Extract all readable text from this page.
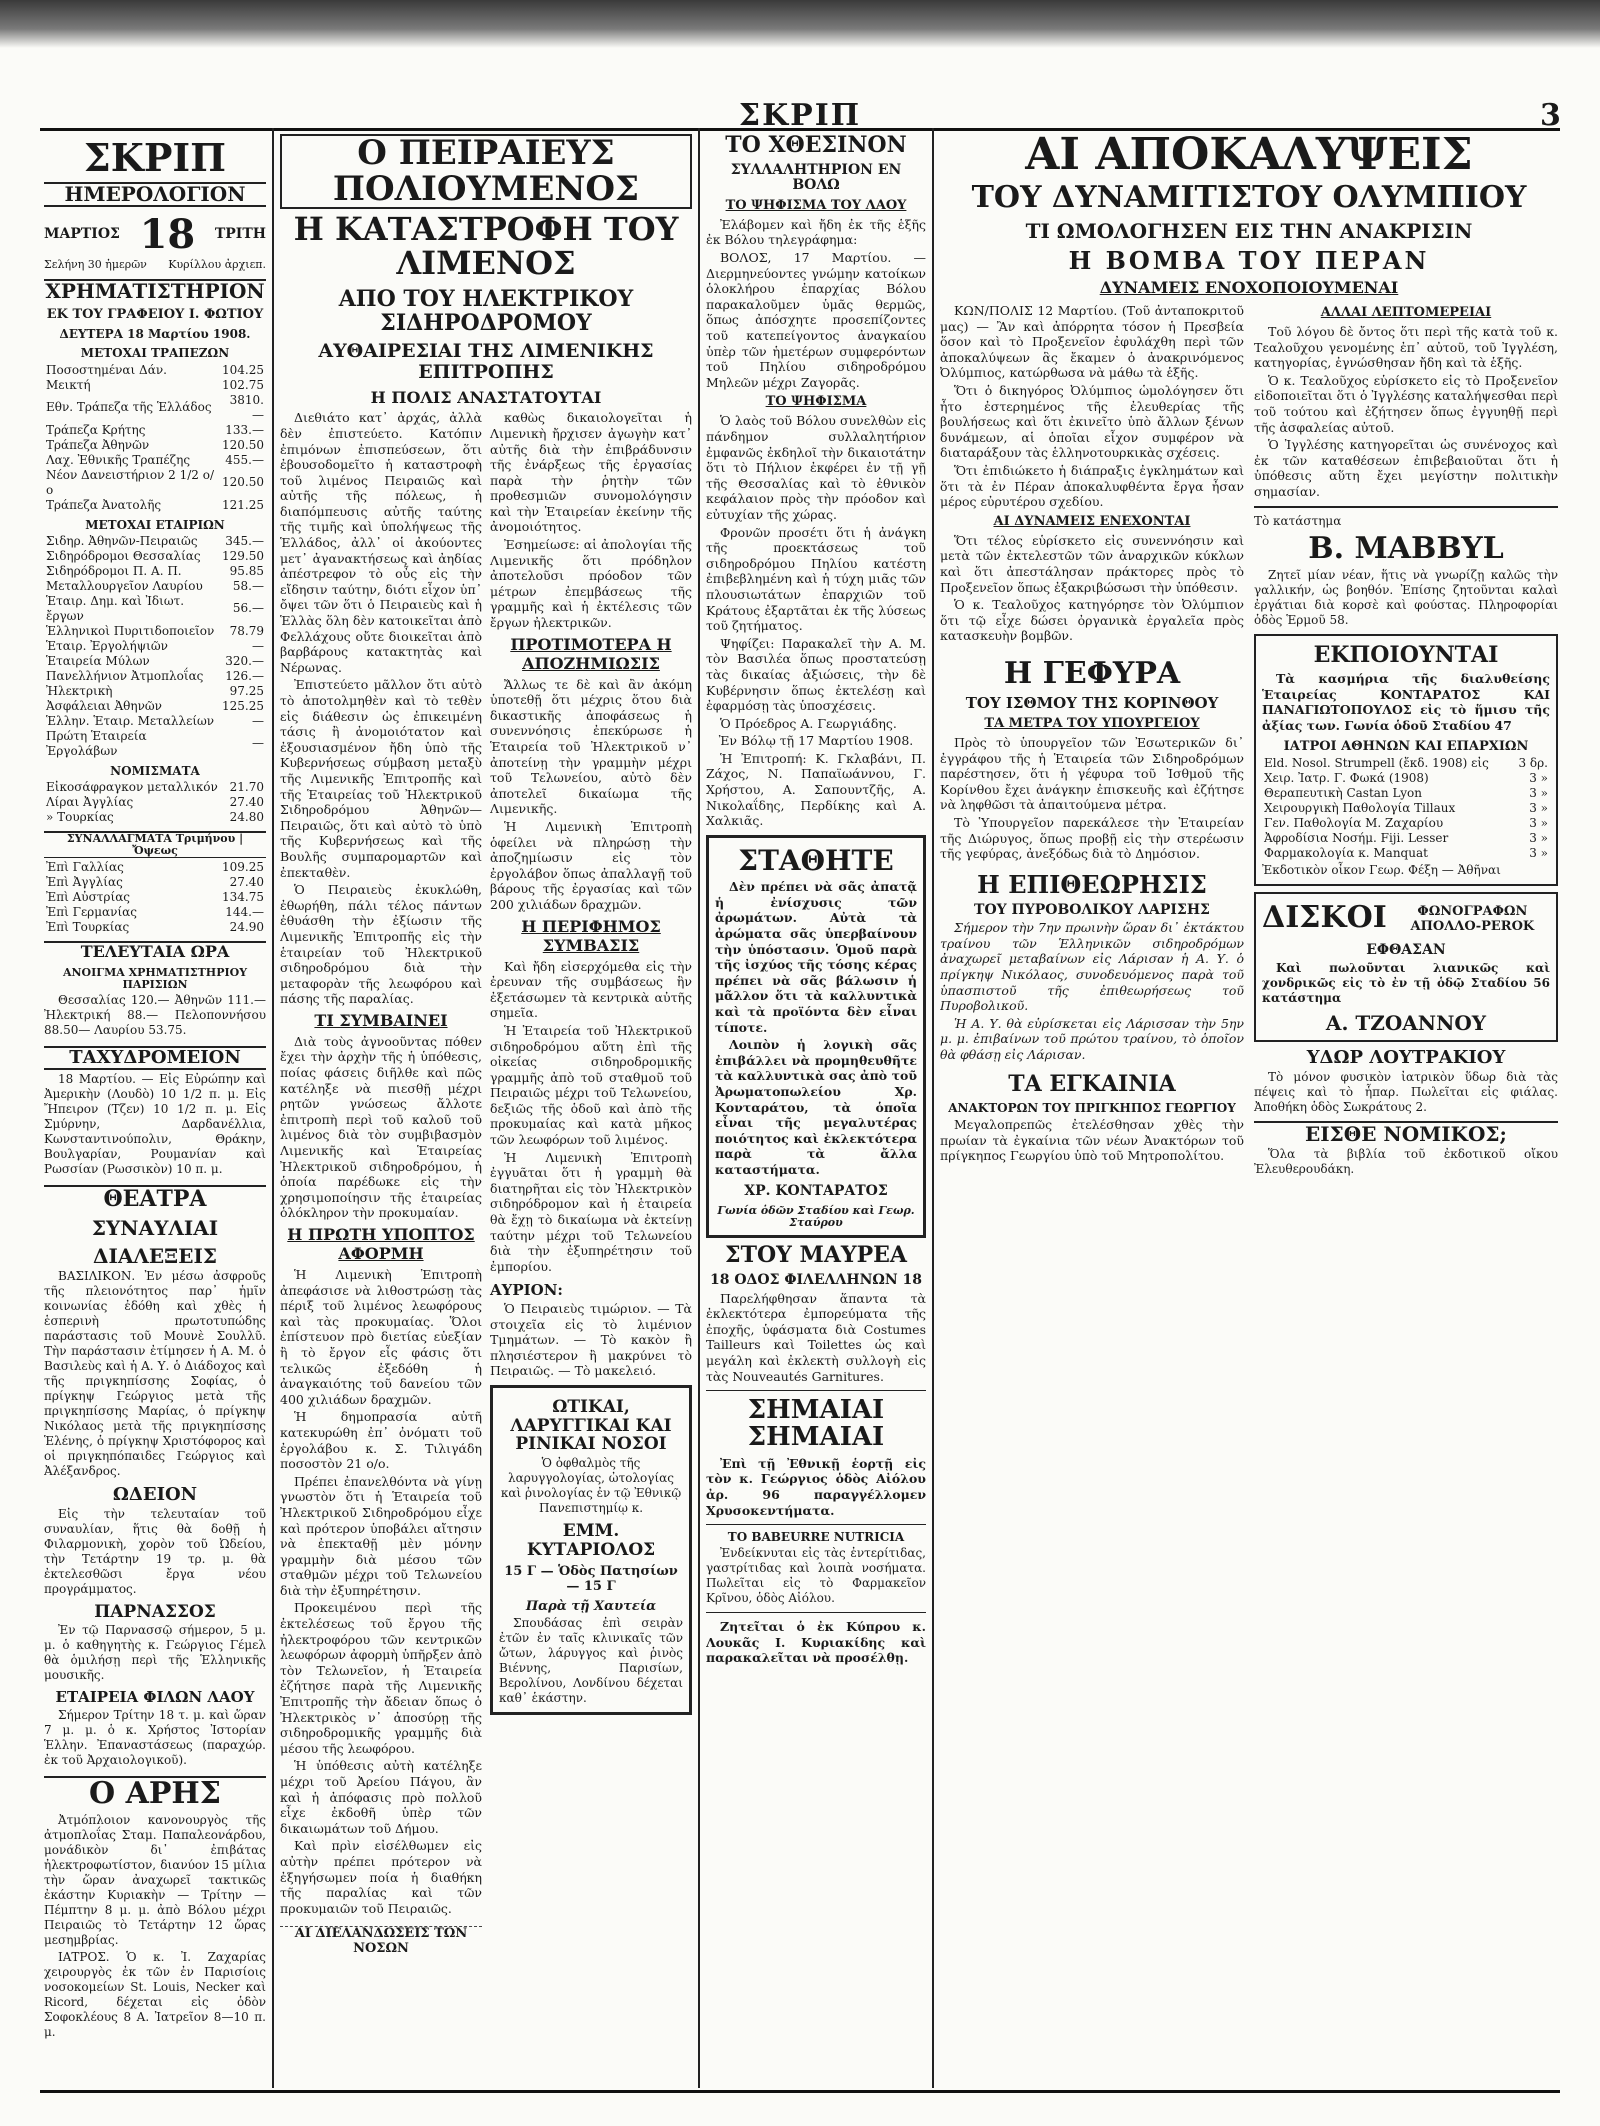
ΣΚΡΙΠ	3
ΣΚΡΙΠ
ΗΜΕΡΟΛΟΓΙΟΝ
ΜΑΡΤΙΟΣ 18 ΤΡΙΤΗ
Σελήνη 30 ἡμερῶν Κυρίλλου ἀρχιεπ.
ΧΡΗΜΑΤΙΣΤΗΡΙΟΝ
ΕΚ ΤΟΥ ΓΡΑΦΕΙΟΥ Ι. ΦΩΤΙΟΥ
ΔΕΥΤΕΡΑ 18 Μαρτίου 1908.
ΜΕΤΟΧΑΙ ΤΡΑΠΕΖΩΝ
Ποσοστημέναι Δάν.	104.25
Μεικτή	102.75
Εθν. Τράπεζα τῆς Ἑλλάδος	3810.—
Τράπεζα Κρήτης	133.—
Τράπεζα Ἀθηνῶν	120.50
Λαχ. Ἐθνικῆς Τραπέζης	455.—
Νέον Δανειστήριον 2 1/2 ο/ο	120.50
Τράπεζα Ἀνατολῆς	121.25
ΜΕΤΟΧΑΙ ΕΤΑΙΡΙΩΝ
Σιδηρ. Ἀθηνῶν-Πειραιῶς	345.—
Σιδηρόδρομοι Θεσσαλίας	129.50
Σιδηρόδρομοι Π. Α. Π.	95.85
Μεταλλουργεῖον Λαυρίου	58.—
Ἑταιρ. Δημ. καὶ Ἰδιωτ. ἔργων	56.—
Ἑλληνικοὶ Πυριτιδοποιεῖον	78.79
Ἑταιρ. Ἐργολήψιῶν	—
Ἑταιρεία Μύλων	320.—
Πανελλήνιον Ἀτμοπλοΐας	126.—
Ἠλεκτρικὴ	97.25
Ἀσφάλειαι Ἀθηνῶν	125.25
Ἑλλην. Ἑταιρ. Μεταλλείων	—
Πρώτη Ἑταιρεία Ἐργολάβων	—
ΝΟΜΙΣΜΑΤΑ
Εἰκοσάφραγκον μεταλλικόν	21.70
Λίραι Ἀγγλίας	27.40
» Τουρκίας	24.80
ΣΥΝΑΛΛΑΓΜΑΤΑ Τριμήνου | Ὄψεως
Ἐπὶ Γαλλίας	109.25
Ἐπὶ Ἀγγλίας	27.40
Ἐπὶ Αὐστρίας	134.75
Ἐπὶ Γερμανίας	144.—
Ἐπὶ Τουρκίας	24.90
ΤΕΛΕΥΤΑΙΑ ΩΡΑ
ΑΝΟΙΓΜΑ ΧΡΗΜΑΤΙΣΤΗΡΙΟΥ ΠΑΡΙΣΙΩΝ

Θεσσαλίας 120.— Ἀθηνῶν 111.— Ἠλεκτρική 88.— Πελοποννήσου 88.50— Λαυρίου 53.75.

ΤΑΧΥΔΡΟΜΕΙΟΝ

18 Μαρτίου. — Εἰς Εὐρώπην καὶ Ἀμερικὴν (Λουδὸ) 10 1/2 π. μ. Εἰς Ἤπειρον (Τζεν) 10 1/2 π. μ. Εἰς Σμύρνην, Δαρδανέλλια, Κωνσταντινούπολιν, Θράκην, Βουλγαρίαν, Ρουμανίαν καὶ Ρωσσίαν (Ρωσσικὸν) 10 π. μ.

ΘΕΑΤΡΑ
ΣΥΝΑΥΛΙΑΙ
ΔΙΑΛΕΞΕΙΣ

ΒΑΣΙΛΙΚΟΝ. Ἐν μέσω ἀσφροῦς τῆς πλειονότητος παρ᾽ ἡμῖν κοινωνίας ἐδόθη καὶ χθὲς ἡ ἑσπερινὴ πρωτοτυπώδης παράστασις τοῦ Μουνὲ Σουλλῦ. Τὴν παράστασιν ἐτίμησεν ἡ Α. Μ. ὁ Βασιλεὺς καὶ ἡ Α. Υ. ὁ Διάδοχος καὶ τῆς πριγκηπίσσης Σοφίας, ὁ πρίγκηψ Γεώργιος μετὰ τῆς πριγκηπίσσης Μαρίας, ὁ πρίγκηψ Νικόλαος μετὰ τῆς πριγκηπίσσης Ἑλένης, ὁ πρίγκηψ Χριστόφορος καὶ οἱ πριγκηπόπαιδες Γεώργιος καὶ Ἀλέξανδρος.

ΩΔΕΙΟΝ

Εἰς τὴν τελευταίαν τοῦ συναυλίαν, ἥτις θὰ δοθῇ ἡ Φιλαρμονικὴ, χορὸν τοῦ Ὠδείου, τὴν Τετάρτην 19 τρ. μ. θὰ ἐκτελεσθῶσι ἔργα νέου προγράμματος.

ΠΑΡΝΑΣΣΟΣ

Ἐν τῷ Παρνασσῷ σήμερον, 5 μ. μ. ὁ καθηγητὴς κ. Γεώργιος Γέμελ θὰ ὁμιλήσῃ περὶ τῆς Ἑλληνικῆς μουσικῆς.

ΕΤΑΙΡΕΙΑ ΦΙΛΩΝ ΛΑΟΥ

Σήμερον Τρίτην 18 τ. μ. καὶ ὥραν 7 μ. μ. ὁ κ. Χρήστος Ἰστορίαν Ἑλλην. Ἐπαναστάσεως (παραχώρ. ἐκ τοῦ Ἀρχαιολογικοῦ).

Ο ΑΡΗΣ

Ἀτμόπλοιον κανονουργὸς τῆς ἀτμοπλοΐας Σταμ. Παπαλεονάρδου, μονάδικὸν δι᾽ ἐπιβάτας ἠλεκτροφωτίστον, διανύον 15 μίλια τὴν ὥραν ἀναχωρεῖ τακτικῶς ἐκάστην Κυριακὴν — Τρίτην — Πέμπτην 8 μ. μ. ἀπὸ Βόλου μέχρι Πειραιῶς τὸ Τετάρτην 12 ὥρας μεσημβρίας.

ΙΑΤΡΟΣ. Ὁ κ. Ἰ. Ζαχαρίας χειρουργὸς ἐκ τῶν ἐν Παρισίοις νοσοκομείων St. Louis, Necker καὶ Ricord, δέχεται εἰς ὁδὸν Σοφοκλέους 8 Α. Ἰατρεῖον 8—10 π. μ.

Ο ΠΕΙΡΑΙΕΥΣ ΠΟΛΙΟΥΜΕΝΟΣ
Η ΚΑΤΑΣΤΡΟΦΗ ΤΟΥ ΛΙΜΕΝΟΣ
ΑΠΟ ΤΟΥ ΗΛΕΚΤΡΙΚΟΥ ΣΙΔΗΡΟΔΡΟΜΟΥ
ΑΥΘΑΙΡΕΣΙΑΙ ΤΗΣ ΛΙΜΕΝΙΚΗΣ ΕΠΙΤΡΟΠΗΣ
Η ΠΟΛΙΣ ΑΝΑΣΤΑΤΟΥΤΑΙ

Διεθιάτο κατ᾽ ἀρχάς, ἀλλὰ δὲν ἐπιστεύετο. Κατόπιν ἐπιμόνων ἐπισπεύσεων, ὅτι ἐβουσοδομεῖτο ἡ καταστροφὴ τοῦ λιμένος Πειραιῶς καὶ αὐτῆς τῆς πόλεως, ἡ διαπόμπευσις αὐτῆς ταύτης τῆς τιμῆς καὶ ὑπολήψεως τῆς Ἑλλάδος, ἀλλ᾽ οἱ ἀκούοντες μετ᾽ ἀγανακτήσεως καὶ ἀηδίας ἀπέστρεφον τὸ οὖς εἰς τὴν εἴδησιν ταύτην, διότι εἶχον ὑπ᾽ ὄψει τῶν ὅτι ὁ Πειραιεὺς καὶ ἡ Ἑλλὰς ὅλη δὲν κατοικεῖται ἀπὸ Φελλάχους οὔτε διοικεῖται ἀπὸ βαρβάρους κατακτητὰς καὶ Νέρωνας.

Ἐπιστεύετο μᾶλλον ὅτι αὐτὸ τὸ ἀποτολμηθὲν καὶ τὸ τεθὲν εἰς διάθεσιν ὡς ἐπικειμένη τάσις ἢ ἀνομοιότατον καὶ ἐξουσιασμένον ἤδη ὑπὸ τῆς Κυβερνήσεως σύμβαση μεταξὺ τῆς Λιμενικῆς Ἐπιτροπῆς καὶ τῆς Ἑταιρείας τοῦ Ἠλεκτρικοῦ Σιδηροδρόμου Ἀθηνῶν—Πειραιῶς, ὅτι καὶ αὐτὸ τὸ ὑπὸ τῆς Κυβερνήσεως καὶ τῆς Βουλῆς συμπαρομαρτῶν καὶ ἐπεκταθὲν.

Ὁ Πειραιεὺς ἐκυκλώθη, ἐθωρήθη, πάλι τέλος πάντων ἐθυάσθη τὴν ἐξίωσιν τῆς Λιμενικῆς Ἐπιτροπῆς εἰς τὴν ἑταιρείαν τοῦ Ἠλεκτρικοῦ σιδηροδρόμου διὰ τὴν μεταφορὰν τῆς λεωφόρου καὶ πάσης τῆς παραλίας.

ΤΙ ΣΥΜΒΑΙΝΕΙ

Διὰ τοὺς ἀγνοοῦντας πόθεν ἔχει τὴν ἀρχὴν τῆς ἡ ὑπόθεσις, ποίας φάσεις διῆλθε καὶ πῶς κατέληξε νὰ πιεσθῇ μέχρι ρητῶν γνώσεως ἄλλοτε ἐπιτροπὴ περὶ τοῦ καλοῦ τοῦ λιμένος διὰ τὸν συμβιβασμὸν Λιμενικῆς καὶ Ἑταιρείας Ἠλεκτρικοῦ σιδηροδρόμου, ἡ ὁποία παρέδωκε εἰς τὴν χρησιμοποίησιν τῆς ἑταιρείας ὁλόκληρον τὴν προκυμαίαν.

Η ΠΡΩΤΗ ΥΠΟΠΤΟΣ ΑΦΟΡΜΗ

Ἡ Λιμενικὴ Ἐπιτροπὴ ἀπεφάσισε νὰ λιθοστρώσῃ τὰς πέριξ τοῦ λιμένος λεωφόρους καὶ τὰς προκυμαίας. Ὅλοι ἐπίστευον πρὸ διετίας εὐεξίαν ἢ τὸ ἔργον εἶς φάσις ὅτι τελικῶς ἐξεδόθη ἡ ἀναγκαιότης τοῦ δανείου τῶν 400 χιλιάδων δραχμῶν.

Ἡ δημοπρασία αὐτῆ κατεκυρώθη ἐπ᾽ ὀνόματι τοῦ ἐργολάβου κ. Σ. Τιλιγάδη ποσοστὸν 21 ο/ο.

Πρέπει ἐπανελθόντα νὰ γίνῃ γνωστὸν ὅτι ἡ Ἑταιρεία τοῦ Ἠλεκτρικοῦ Σιδηροδρόμου εἶχε καὶ πρότερον ὑποβάλει αἴτησιν νὰ ἐπεκταθῇ μὲν μόνην γραμμὴν διὰ μέσου τῶν σταθμῶν μέχρι τοῦ Τελωνείου διὰ τὴν ἐξυπηρέτησιν.

Προκειμένου περὶ τῆς ἐκτελέσεως τοῦ ἔργου τῆς ἠλεκτροφόρου τῶν κεντρικῶν λεωφόρων ἀφορμὴ ὑπῆρξεν ἀπὸ τὸν Τελωνεῖον, ἡ Ἑταιρεία ἐζήτησε παρὰ τῆς Λιμενικῆς Ἐπιτροπῆς τὴν ἄδειαν ὅπως ὁ Ἠλεκτρικὸς ν᾽ ἀποσύρῃ τῆς σιδηροδρομικῆς γραμμῆς διὰ μέσου τῆς λεωφόρου.

Ἡ ὑπόθεσις αὐτὴ κατέληξε μέχρι τοῦ Ἀρείου Πάγου, ἂν καὶ ἡ ἀπόφασις πρὸ πολλοῦ εἶχε ἐκδοθῆ ὑπὲρ τῶν δικαιωμάτων τοῦ Δήμου.

Καὶ πρὶν εἰσέλθωμεν εἰς αὐτὴν πρέπει πρότερον νὰ ἐξηγήσωμεν ποία ἡ διαθήκη τῆς παραλίας καὶ τῶν προκυμαιῶν τοῦ Πειραιῶς.

ΑΙ ΔΙΕΛΑΝΔΩΣΕΙΣ ΤΩΝ ΝΟΣΩΝ

καθὼς δικαιολογεῖται ἡ Λιμενικὴ ἤρχισεν ἀγωγὴν κατ᾽ αὐτῆς διὰ τὴν ἐπιβράδυνσιν τῆς ἐνάρξεως τῆς ἐργασίας παρὰ τὴν ῥητὴν τῶν προθεσμιῶν συνομολόγησιν καὶ τὴν Ἑταιρείαν ἐκείνην τῆς ἀνομοιότητος.

Ἐσημείωσε: αἱ ἀπολογίαι τῆς Λιμενικῆς ὅτι πρόδηλον ἀποτελοῦσι πρόοδον τῶν μέτρων ἐπεμβάσεως τῆς γραμμῆς καὶ ἡ ἐκτέλεσις τῶν ἔργων ἠλεκτρικῶν.

ΠΡΟΤΙΜΟΤΕΡΑ Η ΑΠΟΖΗΜΙΩΣΙΣ

Ἄλλως τε δὲ καὶ ἂν ἀκόμη ὑποτεθῇ ὅτι μέχρις ὅτου διὰ δικαστικῆς ἀποφάσεως ἡ συνεννόησις ἐπεκύρωσε ἡ Ἑταιρεία τοῦ Ἠλεκτρικοῦ ν᾽ ἀποτείνῃ τὴν γραμμὴν μέχρι τοῦ Τελωνείου, αὐτὸ δὲν ἀποτελεῖ δικαίωμα τῆς Λιμενικῆς.

Ἡ Λιμενικὴ Ἐπιτροπὴ ὁφείλει νὰ πληρώσῃ τὴν ἀποζημίωσιν εἰς τὸν ἐργολάβον ὅπως ἀπαλλαγῇ τοῦ βάρους τῆς ἐργασίας καὶ τῶν 200 χιλιάδων δραχμῶν.

Η ΠΕΡΙΦΗΜΟΣ ΣΥΜΒΑΣΙΣ

Καὶ ἤδη εἰσερχόμεθα εἰς τὴν ἐρευναν τῆς συμβάσεως ἣν ἐξετάσωμεν τὰ κεντρικὰ αὐτῆς σημεῖα.

Ἡ Ἑταιρεία τοῦ Ἠλεκτρικοῦ σιδηροδρόμου αὕτη ἐπὶ τῆς οἰκείας σιδηροδρομικῆς γραμμῆς ἀπὸ τοῦ σταθμοῦ τοῦ Πειραιῶς μέχρι τοῦ Τελωνείου, δεξιῶς τῆς ὁδοῦ καὶ ἀπὸ τῆς προκυμαίας καὶ κατὰ μῆκος τῶν λεωφόρων τοῦ λιμένος.

Ἡ Λιμενικὴ Ἐπιτροπὴ ἐγγυᾶται ὅτι ἡ γραμμὴ θὰ διατηρῆται εἰς τὸν Ἠλεκτρικὸν σιδηρόδρομον καὶ ἡ ἑταιρεία θὰ ἔχῃ τὸ δικαίωμα νὰ ἐκτείνῃ ταύτην μέχρι τοῦ Τελωνείου διὰ τὴν ἐξυπηρέτησιν τοῦ ἐμπορίου.

ΑΥΡΙΟΝ:

Ὁ Πειραιεὺς τιμώριον. — Τὰ στοιχεῖα εἰς τὸ λιμένιον Τμημάτων. — Τὸ κακὸν ἢ πλησιέστερον ἢ μακρύνει τὸ Πειραιῶς. — Τὸ μακελειό.

ΩΤΙΚΑΙ, ΛΑΡΥΓΓΙΚΑΙ ΚΑΙ ΡΙΝΙΚΑΙ ΝΟΣΟΙ

Ὁ ὀφθαλμὸς τῆς λαρυγγολογίας, ὠτολογίας καὶ ῥινολογίας ἐν τῷ Ἐθνικῷ Πανεπιστημίῳ κ.

ΕΜΜ. ΚΥΤΑΡΙΟΛΟΣ
15 Γ — Ὁδὸς Πατησίων — 15 Γ
Παρὰ τῇ Χαυτεία

Σπουδάσας ἐπὶ σειρὰν ἐτῶν ἐν ταῖς κλινικαῖς τῶν ὤτων, λάρυγγος καὶ ῥινὸς Βιέννης, Παρισίων, Βερολίνου, Λονδίνου δέχεται καθ᾽ ἑκάστην.

ΤΟ ΧΘΕΣΙΝΟΝ
ΣΥΛΛΑΛΗΤΗΡΙΟΝ ΕΝ ΒΟΛΩ
ΤΟ ΨΗΦΙΣΜΑ ΤΟΥ ΛΑΟΥ

Ἐλάβομεν καὶ ἤδη ἐκ τῆς ἑξῆς ἐκ Βόλου τηλεγράφημα:

ΒΟΛΟΣ, 17 Μαρτίου. — Διερμηνεύοντες γνώμην κατοίκων ὁλοκλήρου ἐπαρχίας Βόλου παρακαλοῦμεν ὑμᾶς θερμῶς, ὅπως ἀπόσχητε προσεπίζοντες τοῦ κατεπείγοντος ἀναγκαίου ὑπὲρ τῶν ἡμετέρων συμφερόντων τοῦ Πηλίου σιδηροδρόμου Μηλεῶν μέχρι Ζαγορᾶς.

ΤΟ ΨΗΦΙΣΜΑ

Ὁ λαὸς τοῦ Βόλου συνελθὼν εἰς πάνδημον συλλαλητήριον ἐμφανῶς ἐκδηλοῖ τὴν δικαιοτάτην ὅτι τὸ Πήλιον ἐκφέρει ἐν τῇ γῇ τῆς Θεσσαλίας καὶ τὸ ἐθνικὸν κεφάλαιον πρὸς τὴν πρόοδον καὶ εὐτυχίαν τῆς χώρας.

Φρονῶν προσέτι ὅτι ἡ ἀνάγκη τῆς προεκτάσεως τοῦ σιδηροδρόμου Πηλίου κατέστη ἐπιβεβλημένη καὶ ἡ τύχη μιᾶς τῶν πλουσιωτάτων ἐπαρχιῶν τοῦ Κράτους ἐξαρτᾶται ἐκ τῆς λύσεως τοῦ ζητήματος.

Ψηφίζει: Παρακαλεῖ τὴν Α. Μ. τὸν Βασιλέα ὅπως προστατεύσῃ τὰς δικαίας ἀξιώσεις, τὴν δὲ Κυβέρνησιν ὅπως ἐκτελέσῃ καὶ ἐφαρμόσῃ τὰς ὑποσχέσεις.

Ὁ Πρόεδρος Α. Γεωργιάδης.

Ἐν Βόλῳ τῇ 17 Μαρτίου 1908.

Ἡ Ἐπιτροπή: Κ. Γκλαβάνι, Π. Ζάχος, Ν. Παπαϊωάννου, Γ. Χρήστου, Α. Σαπουντζῆς, Α. Νικολαΐδης, Περδίκης καὶ Α. Χαλκιᾶς.

ΣΤΑΘΗΤΕ

Δὲν πρέπει νὰ σᾶς ἀπατᾷ ἡ ἐνίσχυσις τῶν ἀρωμάτων. Αὐτὰ τὰ ἀρώματα σᾶς ὑπερβαίνουν τὴν ὑπόστασιν. Ὁμοῦ παρὰ τῆς ἰσχύος τῆς τόσης κέρας πρέπει νὰ σᾶς βάλωσιν ἡ μᾶλλον ὅτι τὰ καλλυντικὰ καὶ τὰ προϊόντα δὲν εἶναι τίποτε.

Λοιπὸν ἡ λογικὴ σᾶς ἐπιβάλλει νὰ προμηθευθῆτε τὰ καλλυντικὰ σας ἀπὸ τοῦ Ἀρωματοπωλείου Χρ. Κονταράτου, τὰ ὁποῖα εἶναι τῆς μεγαλυτέρας ποιότητος καὶ ἐκλεκτότερα παρὰ τὰ ἄλλα καταστήματα.

ΧΡ. ΚΟΝΤΑΡΑΤΟΣ
Γωνία ὁδῶν Σταδίου καὶ Γεωρ. Σταύρου
ΣΤΟΥ ΜΑΥΡΕΑ
18 ΟΔΟΣ ΦΙΛΕΛΛΗΝΩΝ 18

Παρελήφθησαν ἅπαντα τὰ ἐκλεκτότερα ἐμπορεύματα τῆς ἐποχῆς, ὑφάσματα διὰ Costumes Tailleurs καὶ Toilettes ὡς καὶ μεγάλη καὶ ἐκλεκτὴ συλλογὴ εἰς τὰς Nouveautés Garnitures.

ΣΗΜΑΙΑΙ ΣΗΜΑΙΑΙ

Ἐπὶ τῇ Ἐθνικῇ ἑορτῇ εἰς τὸν κ. Γεώργιος ὁδὸς Αἰόλου ἀρ. 96 παραγγέλλομεν Χρυσοκεντήματα.

ΤΟ BABEURRE NUTRICIA

Ἐνδείκνυται εἰς τὰς ἐντερίτιδας, γαστρίτιδας καὶ λοιπὰ νοσήματα. Πωλεῖται εἰς τὸ Φαρμακεῖον Κρῖνου, ὁδὸς Αἰόλου.

Ζητεῖται ὁ ἐκ Κύπρου κ. Λουκᾶς Ι. Κυριακίδης καὶ παρακαλεῖται νὰ προσέλθῃ.

ΑΙ ΑΠΟΚΑΛΥΨΕΙΣ
ΤΟΥ ΔΥΝΑΜΙΤΙΣΤΟΥ ΟΛΥΜΠΙΟΥ
ΤΙ ΩΜΟΛΟΓΗΣΕΝ ΕΙΣ ΤΗΝ ΑΝΑΚΡΙΣΙΝ
Η ΒΟΜΒΑ ΤΟΥ ΠΕΡΑΝ
ΔΥΝΑΜΕΙΣ ΕΝΟΧΟΠΟΙΟΥΜΕΝΑΙ

ΚΩΝ/ΠΟΛΙΣ 12 Μαρτίου. (Τοῦ ἀνταποκριτοῦ μας) — Ἂν καὶ ἀπόρρητα τόσον ἡ Πρεσβεία ὅσον καὶ τὸ Προξενεῖον ἐφυλάχθη περὶ τῶν ἀποκαλύψεων ἃς ἔκαμεν ὁ ἀνακρινόμενος Ὀλύμπιος, κατώρθωσα νὰ μάθω τὰ ἑξῆς.

Ὅτι ὁ δικηγόρος Ὀλύμπιος ὡμολόγησεν ὅτι ἦτο ἐστερημένος τῆς ἐλευθερίας τῆς βουλήσεως καὶ ὅτι ἐκινεῖτο ὑπὸ ἄλλων ξένων δυνάμεων, αἱ ὁποῖαι εἶχον συμφέρον νὰ διαταράξουν τὰς ἑλληνοτουρκικὰς σχέσεις.

Ὅτι ἐπιδιώκετο ἡ διάπραξις ἐγκλημάτων καὶ ὅτι τὰ ἐν Πέραν ἀποκαλυφθέντα ἔργα ἦσαν μέρος εὐρυτέρου σχεδίου.

ΑΙ ΔΥΝΑΜΕΙΣ ΕΝΕΧΟΝΤΑΙ

Ὅτι τέλος εὑρίσκετο εἰς συνεννόησιν καὶ μετὰ τῶν ἐκτελεστῶν τῶν ἀναρχικῶν κύκλων καὶ ὅτι ἀπεστάλησαν πράκτορες πρὸς τὸ Προξενεῖον ὅπως ἐξακριβώσωσι τὴν ὑπόθεσιν.

Ὁ κ. Τεαλοῦχος κατηγόρησε τὸν Ὀλύμπιον ὅτι τῷ εἶχε δώσει ὀργανικὰ ἐργαλεῖα πρὸς κατασκευὴν βομβῶν.

Η ΓΕΦΥΡΑ
ΤΟΥ ΙΣΘΜΟΥ ΤΗΣ ΚΟΡΙΝΘΟΥ
ΤΑ ΜΕΤΡΑ ΤΟΥ ΥΠΟΥΡΓΕΙΟΥ

Πρὸς τὸ ὑπουργεῖον τῶν Ἐσωτερικῶν δι᾽ ἐγγράφου τῆς ἡ Ἑταιρεία τῶν Σιδηροδρόμων παρέστησεν, ὅτι ἡ γέφυρα τοῦ Ἰσθμοῦ τῆς Κορίνθου ἔχει ἀνάγκην ἐπισκευῆς καὶ ἐζήτησε νὰ ληφθῶσι τὰ ἀπαιτούμενα μέτρα.

Τὸ Ὑπουργεῖον παρεκάλεσε τὴν Ἑταιρείαν τῆς Διώρυγος, ὅπως προβῇ εἰς τὴν στερέωσιν τῆς γεφύρας, ἀνεξόδως διὰ τὸ Δημόσιον.

Η ΕΠΙΘΕΩΡΗΣΙΣ
ΤΟΥ ΠΥΡΟΒΟΛΙΚΟΥ ΛΑΡΙΣΗΣ

Σήμερον τὴν 7ην πρωινὴν ὥραν δι᾽ ἐκτάκτου τραίνου τῶν Ἑλληνικῶν σιδηροδρόμων ἀναχωρεῖ μεταβαίνων εἰς Λάρισαν ἡ Α. Υ. ὁ πρίγκηψ Νικόλαος, συνοδευόμενος παρὰ τοῦ ὑπασπιστοῦ τῆς ἐπιθεωρήσεως τοῦ Πυροβολικοῦ.

Ἡ Α. Υ. θὰ εὑρίσκεται εἰς Λάρισσαν τὴν 5ην μ. μ. ἐπιβαίνων τοῦ πρώτου τραίνου, τὸ ὁποῖον θὰ φθάσῃ εἰς Λάρισαν.

ΤΑ ΕΓΚΑΙΝΙΑ
ΑΝΑΚΤΟΡΩΝ ΤΟΥ ΠΡΙΓΚΗΠΟΣ ΓΕΩΡΓΙΟΥ

Μεγαλοπρεπῶς ἐτελέσθησαν χθὲς τὴν πρωίαν τὰ ἐγκαίνια τῶν νέων Ἀνακτόρων τοῦ πρίγκηπος Γεωργίου ὑπὸ τοῦ Μητροπολίτου.

ΑΛΛΑΙ ΛΕΠΤΟΜΕΡΕΙΑΙ

Τοῦ λόγου δὲ ὄντος ὅτι περὶ τῆς κατὰ τοῦ κ. Τεαλοῦχου γενομένης ἐπ᾽ αὐτοῦ, τοῦ Ἰγγλέση, κατηγορίας, ἐγνώσθησαν ἤδη καὶ τὰ ἑξῆς.

Ὁ κ. Τεαλοῦχος εὑρίσκετο εἰς τὸ Προξενεῖον εἰδοποιεῖται ὅτι ὁ Ἰγγλέσης καταλήψεσθαι περὶ τοῦ τούτου καὶ ἐζήτησεν ὅπως ἐγγυηθῇ περὶ τῆς ἀσφαλείας αὐτοῦ.

Ὁ Ἰγγλέσης κατηγορεῖται ὡς συνένοχος καὶ ἐκ τῶν καταθέσεων ἐπιβεβαιοῦται ὅτι ἡ ὑπόθεσις αὕτη ἔχει μεγίστην πολιτικὴν σημασίαν.

Τὸ κατάστημα

Β. MABBYL

Ζητεῖ μίαν νέαν, ἥτις νὰ γνωρίζῃ καλῶς τὴν γαλλικήν, ὡς βοηθόν. Ἐπίσης ζητοῦνται καλαὶ ἐργάτιαι διὰ κορσὲ καὶ φούστας. Πληροφορίαι ὁδὸς Ἑρμοῦ 58.

ΕΚΠΟΙΟΥΝΤΑΙ

Τὰ κασμήρια τῆς διαλυθείσης Ἑταιρείας ΚΟΝΤΑΡΑΤΟΣ ΚΑΙ ΠΑΝΑΓΙΩΤΟΠΟΥΛΟΣ εἰς τὸ ἥμισυ τῆς ἀξίας των. Γωνία ὁδοῦ Σταδίου 47

ΙΑΤΡΟΙ ΑΘΗΝΩΝ ΚΑΙ ΕΠΑΡΧΙΩΝ
Eld. Nosol. Strumpell (ἔκδ. 1908) εἰς	3 δρ.
Χειρ. Ἰατρ. Γ. Φωκά (1908)	3 »
Θεραπευτικὴ Castan Lyon	3 »
Χειρουργικὴ Παθολογία Tillaux	3 »
Γεν. Παθολογία Μ. Ζαχαρίου	3 »
Ἀφροδίσια Νοσήμ. Fiji. Lesser	3 »
Φαρμακολογία κ. Manquat	3 »

Ἐκδοτικὸν οἶκον Γεωρ. Φέξη — Ἀθῆναι

ΔΙΣΚΟΙ	ΦΩΝΟΓΡΑΦΩΝ ΑΠΟΛΛΟ-PEROK
ΕΦΘΑΣΑΝ

Καὶ πωλοῦνται λιανικῶς καὶ χονδρικῶς εἰς τὸ ἐν τῇ ὁδῷ Σταδίου 56 κατάστημα

Α. ΤΖΟΑΝΝΟΥ
ΥΔΩΡ ΛΟΥΤΡΑΚΙΟΥ

Τὸ μόνον φυσικὸν ἰατρικὸν ὕδωρ διὰ τὰς πέψεις καὶ τὸ ἧπαρ. Πωλεῖται εἰς φιάλας. Ἀποθήκη ὁδὸς Σωκράτους 2.

ΕΙΣΘΕ ΝΟΜΙΚΟΣ;

Ὅλα τὰ βιβλία τοῦ ἐκδοτικοῦ οἴκου Ἐλευθερουδάκη.
